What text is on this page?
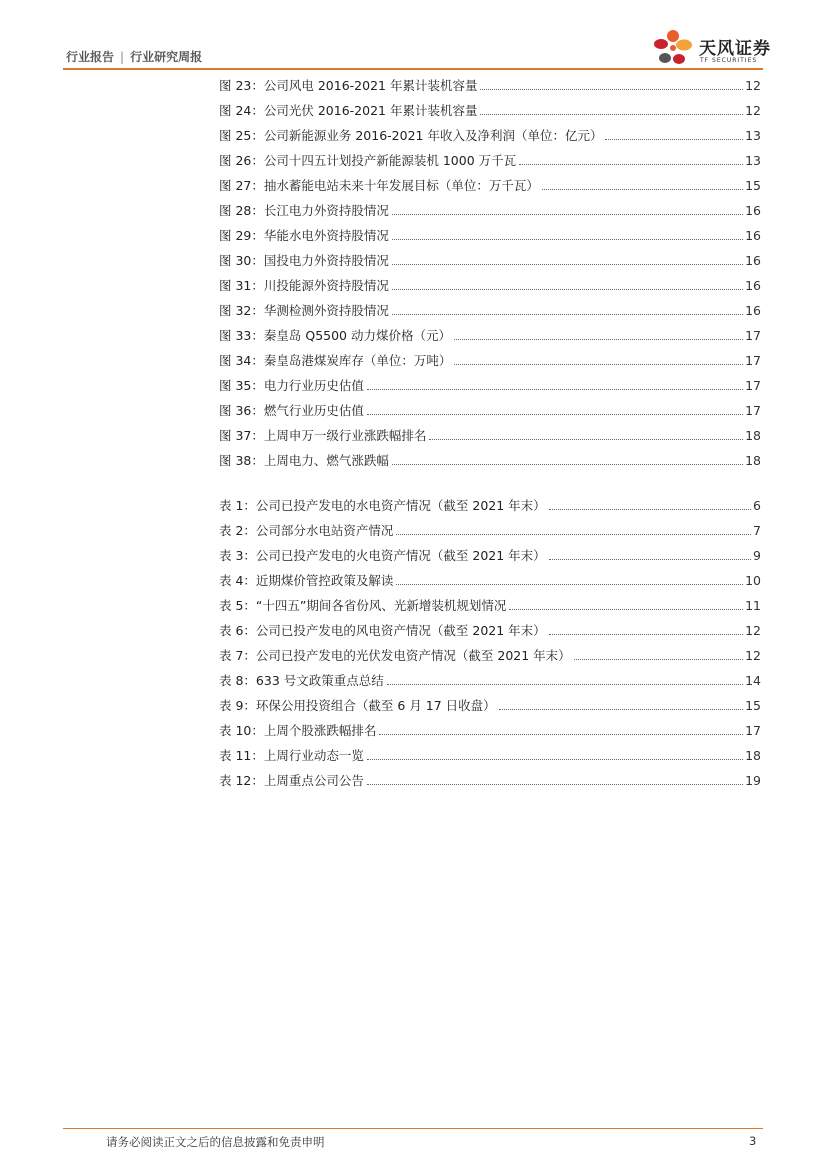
行业报告 | 行业研究周报	天风证券
TF SECURITIES
图 23：公司风电 2016-2021 年累计装机容量	12
图 24：公司光伏 2016-2021 年累计装机容量	12
图 25：公司新能源业务 2016-2021 年收入及净利润（单位：亿元）	13
图 26：公司十四五计划投产新能源装机 1000 万千瓦	13
图 27：抽水蓄能电站未来十年发展目标（单位：万千瓦）	15
图 28：长江电力外资持股情况	16
图 29：华能水电外资持股情况	16
图 30：国投电力外资持股情况	16
图 31：川投能源外资持股情况	16
图 32：华测检测外资持股情况	16
图 33：秦皇岛 Q5500 动力煤价格（元）	17
图 34：秦皇岛港煤炭库存（单位：万吨）	17
图 35：电力行业历史估值	17
图 36：燃气行业历史估值	17
图 37：上周申万一级行业涨跌幅排名	18
图 38：上周电力、燃气涨跌幅	18
表 1：公司已投产发电的水电资产情况（截至 2021 年末）	6
表 2：公司部分水电站资产情况	7
表 3：公司已投产发电的火电资产情况（截至 2021 年末）	9
表 4：近期煤价管控政策及解读	10
表 5：“十四五”期间各省份风、光新增装机规划情况	11
表 6：公司已投产发电的风电资产情况（截至 2021 年末）	12
表 7：公司已投产发电的光伏发电资产情况（截至 2021 年末）	12
表 8：633 号文政策重点总结	14
表 9：环保公用投资组合（截至 6 月 17 日收盘）	15
表 10：上周个股涨跌幅排名	17
表 11：上周行业动态一览	18
表 12：上周重点公司公告	19
请务必阅读正文之后的信息披露和免责申明	3
